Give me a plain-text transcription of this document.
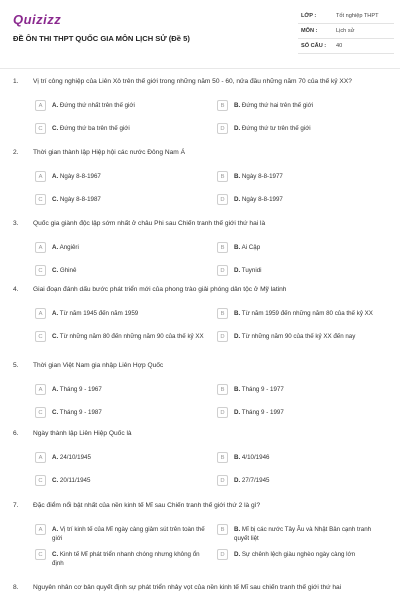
Quizizz
ĐỀ ÔN THI THPT QUỐC GIA MÔN LỊCH SỬ (Đề 5)
LỚP :	Tốt nghiệp THPT
MÔN :	Lịch sử
SỐ CÂU :	40
1.	Vị trí công nghiệp của Liên Xô trên thế giới trong những năm 50 - 60, nửa đầu những năm 70 của thế kỷ XX?
A	A. Đứng thứ nhất trên thế giới	B	B. Đứng thứ hai trên thế giới
C	C. Đứng thứ ba trên thế giới	D	D. Đứng thứ tư trên thế giới
2.	Thời gian thành lập Hiệp hội các nước Đông Nam Á
A	A. Ngày 8-8-1967	B	B. Ngày 8-8-1977
C	C. Ngày 8-8-1987	D	D. Ngày 8-8-1997
3.	Quốc gia giành độc lập sớm nhất ở châu Phi sau Chiến tranh thế giới thứ hai là
A	A. Angiêri	B	B. Ai Cập
C	C. Ghinê	D	D. Tuynidi
4.	Giai đoạn đánh dấu bước phát triển mới của phong trào giải phóng dân tộc ở Mỹ latinh
A	A. Từ năm 1945 đến năm 1959	B	B. Từ năm 1959 đến những năm 80 của thế kỷ XX
C	C. Từ những năm 80 đến những năm 90 của thế kỷ XX	D	D. Từ những năm 90 của thế kỷ XX đến nay
5.	Thời gian Việt Nam gia nhập Liên Hợp Quốc
A	A. Tháng 9 - 1967	B	B. Tháng 9 - 1977
C	C. Tháng 9 - 1987	D	D. Tháng 9 - 1997
6.	Ngày thành lập Liên Hiệp Quốc là
A	A. 24/10/1945	B	B. 4/10/1946
C	C. 20/11/1945	D	D. 27/7/1945
7.	Đặc điểm nổi bật nhất của nền kinh tế Mĩ sau Chiến tranh thế giới thứ 2 là gì?
A	A. Vị trí kinh tế của Mĩ ngày càng giảm sút trên toàn thế giới
B	B. Mĩ bị các nước Tây Âu và Nhật Bản cạnh tranh quyết liệt
C	C. Kinh tế Mĩ phát triển nhanh chóng nhưng không ổn định
D	D. Sự chênh lệch giàu nghèo ngày càng lớn
8.	Nguyên nhân cơ bản quyết định sự phát triển nhảy vọt của nền kinh tế Mĩ sau chiến tranh thế giới thứ hai
